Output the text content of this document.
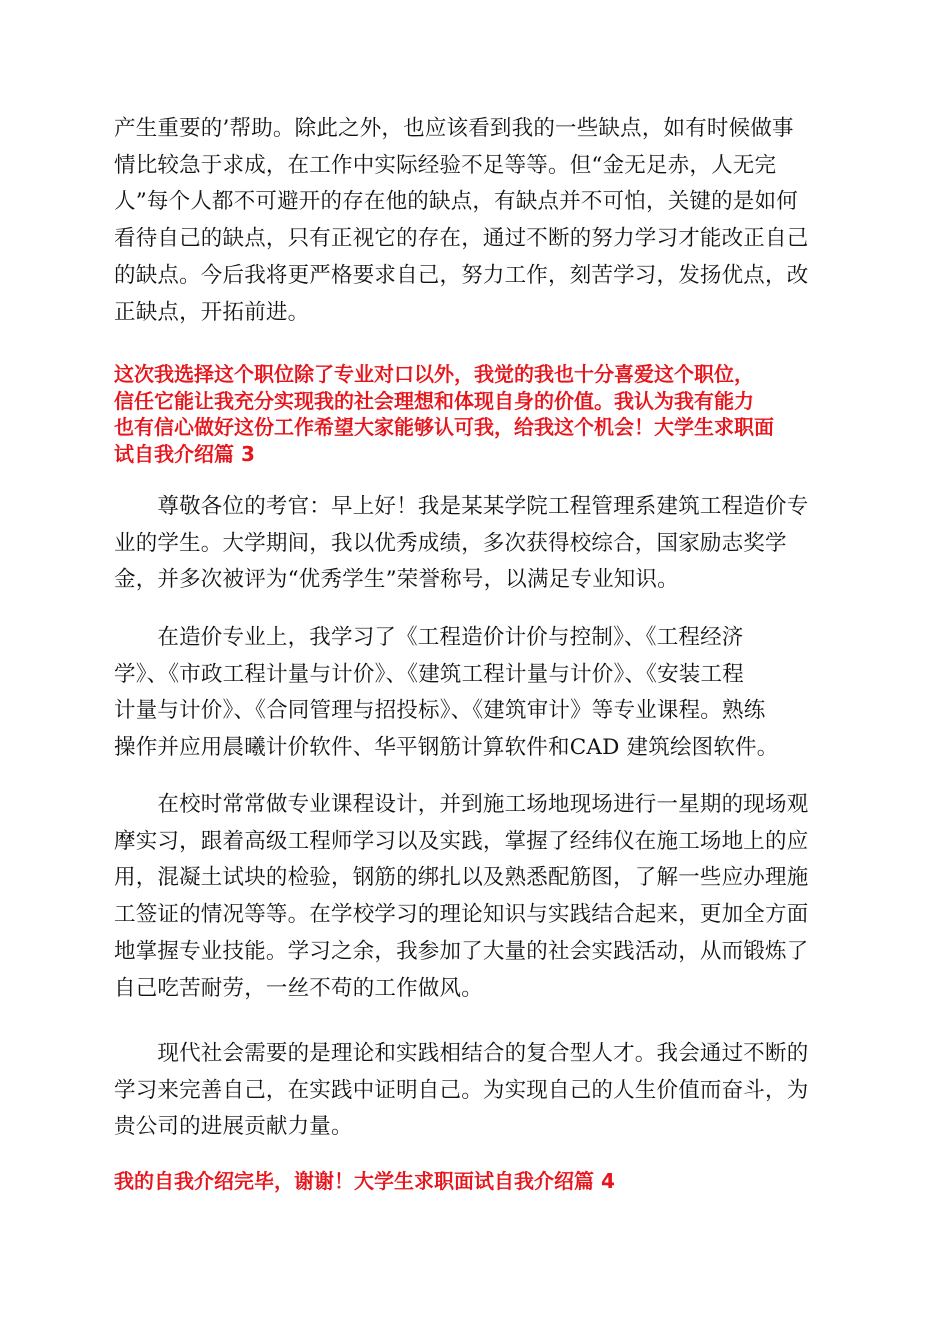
产生重要的’帮助。除此之外，也应该看到我的一些缺点，如有时候做事
情比较急于求成，在工作中实际经验不足等等。但“金无足赤，人无完
人”每个人都不可避开的存在他的缺点，有缺点并不可怕，关键的是如何
看待自己的缺点，只有正视它的存在，通过不断的努力学习才能改正自己
的缺点。今后我将更严格要求自己，努力工作，刻苦学习，发扬优点，改
正缺点，开拓前进。

这次我选择这个职位除了专业对口以外，我觉的我也十分喜爱这个职位，
信任它能让我充分实现我的社会理想和体现自身的价值。我认为我有能力
也有信心做好这份工作希望大家能够认可我，给我这个机会！大学生求职面
试自我介绍篇 3

　　尊敬各位的考官：早上好！我是某某学院工程管理系建筑工程造价专
业的学生。大学期间，我以优秀成绩，多次获得校综合，国家励志奖学
金，并多次被评为“优秀学生”荣誉称号，以满足专业知识。

　　在造价专业上，我学习了《工程造价计价与控制》、《工程经济
学》、《市政工程计量与计价》、《建筑工程计量与计价》、《安装工程
计量与计价》、《合同管理与招投标》、《建筑审计》等专业课程。熟练
操作并应用晨曦计价软件、华平钢筋计算软件和CAD 建筑绘图软件。

　　在校时常常做专业课程设计，并到施工场地现场进行一星期的现场观
摩实习，跟着高级工程师学习以及实践，掌握了经纬仪在施工场地上的应
用，混凝土试块的检验，钢筋的绑扎以及熟悉配筋图，了解一些应办理施
工签证的情况等等。在学校学习的理论知识与实践结合起来，更加全方面
地掌握专业技能。学习之余，我参加了大量的社会实践活动，从而锻炼了
自己吃苦耐劳，一丝不苟的工作做风。

　　现代社会需要的是理论和实践相结合的复合型人才。我会通过不断的
学习来完善自己，在实践中证明自己。为实现自己的人生价值而奋斗，为
贵公司的进展贡献力量。

我的自我介绍完毕，谢谢！大学生求职面试自我介绍篇 4
